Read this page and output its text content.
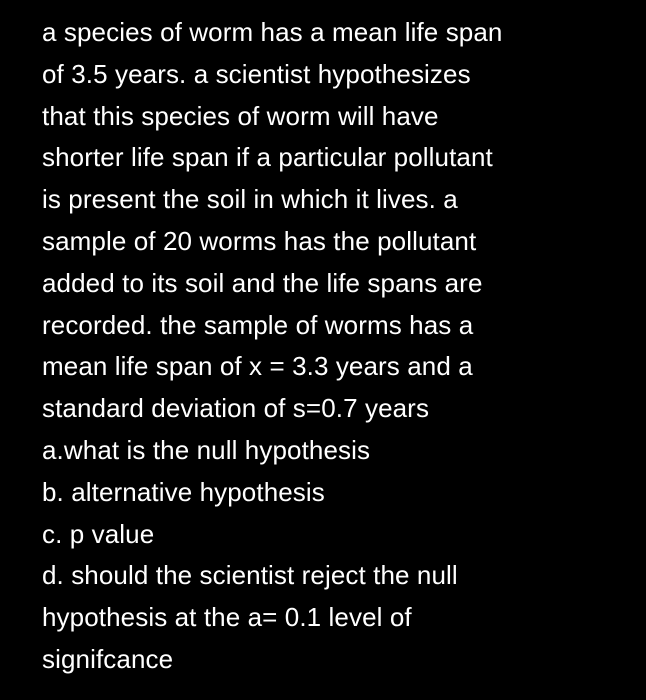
a species of worm has a mean life span
of 3.5 years. a scientist hypothesizes
that this species of worm will have
shorter life span if a particular pollutant
is present the soil in which it lives. a
sample of 20 worms has the pollutant
added to its soil and the life spans are
recorded. the sample of worms has a
mean life span of x = 3.3 years and a
standard deviation of s=0.7 years
a.what is the null hypothesis
b. alternative hypothesis
c. p value
d. should the scientist reject the null
hypothesis at the a= 0.1 level of
signifcance
